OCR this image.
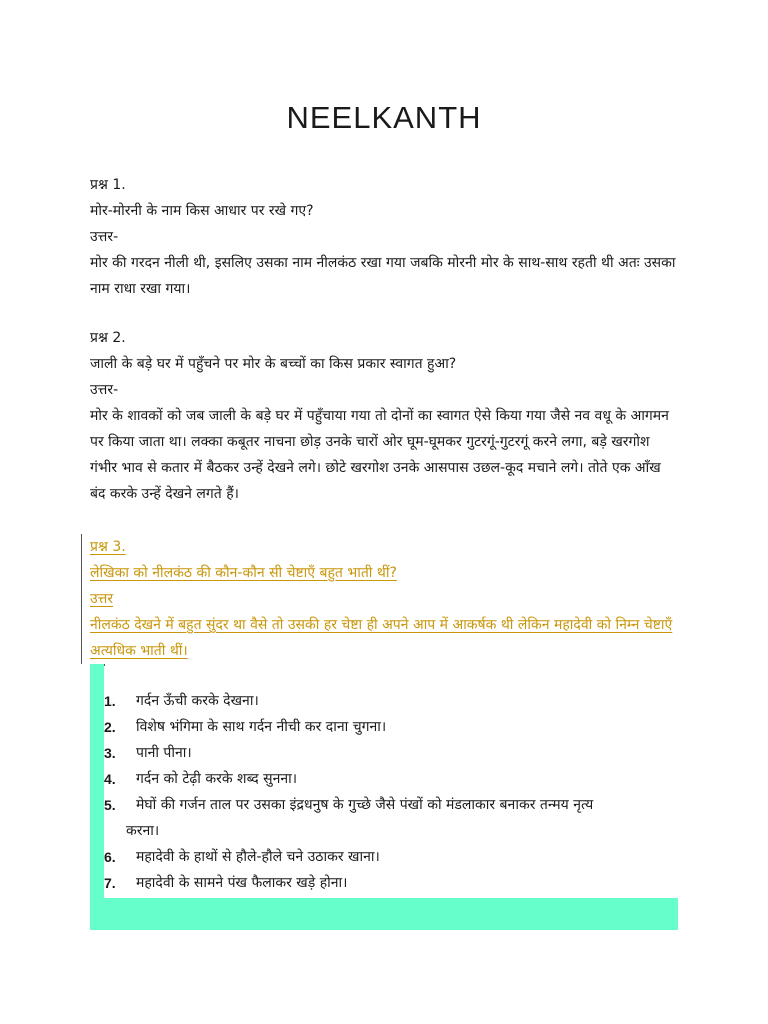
NEELKANTH

प्रश्न 1.

मोर-मोरनी के नाम किस आधार पर रखे गए?

उत्तर-

मोर की गरदन नीली थी, इसलिए उसका नाम नीलकंठ रखा गया जबकि मोरनी मोर के साथ-साथ रहती थी अतः उसका नाम राधा रखा गया।

प्रश्न 2.

जाली के बड़े घर में पहुँचने पर मोर के बच्चों का किस प्रकार स्वागत हुआ?

उत्तर-

मोर के शावकों को जब जाली के बड़े घर में पहुँचाया गया तो दोनों का स्वागत ऐसे किया गया जैसे नव वधू के आगमन पर किया जाता था। लक्का कबूतर नाचना छोड़ उनके चारों ओर घूम-घूमकर गुटरगूं-गुटरगूं करने लगा, बड़े खरगोश गंभीर भाव से कतार में बैठकर उन्हें देखने लगे। छोटे खरगोश उनके आसपास उछल-कूद मचाने लगे। तोते एक आँख बंद करके उन्हें देखने लगते हैं।

प्रश्न 3.

लेखिका को नीलकंठ की कौन-कौन सी चेष्टाएँ बहुत भाती थीं?

उत्तर

नीलकंठ देखने में बहुत सुंदर था वैसे तो उसकी हर चेष्टा ही अपने आप में आकर्षक थी लेकिन महादेवी को निम्न चेष्टाएँ अत्यधिक भाती थीं।

1. गर्दन ऊँची करके देखना।
2. विशेष भंगिमा के साथ गर्दन नीची कर दाना चुगना।
3. पानी पीना।
4. गर्दन को टेढ़ी करके शब्द सुनना।
5. मेघों की गर्जन ताल पर उसका इंद्रधनुष के गुच्छे जैसे पंखों को मंडलाकार बनाकर तन्मय नृत्य
करना।
6. महादेवी के हाथों से हौले-हौले चने उठाकर खाना।
7. महादेवी के सामने पंख फैलाकर खड़े होना।
